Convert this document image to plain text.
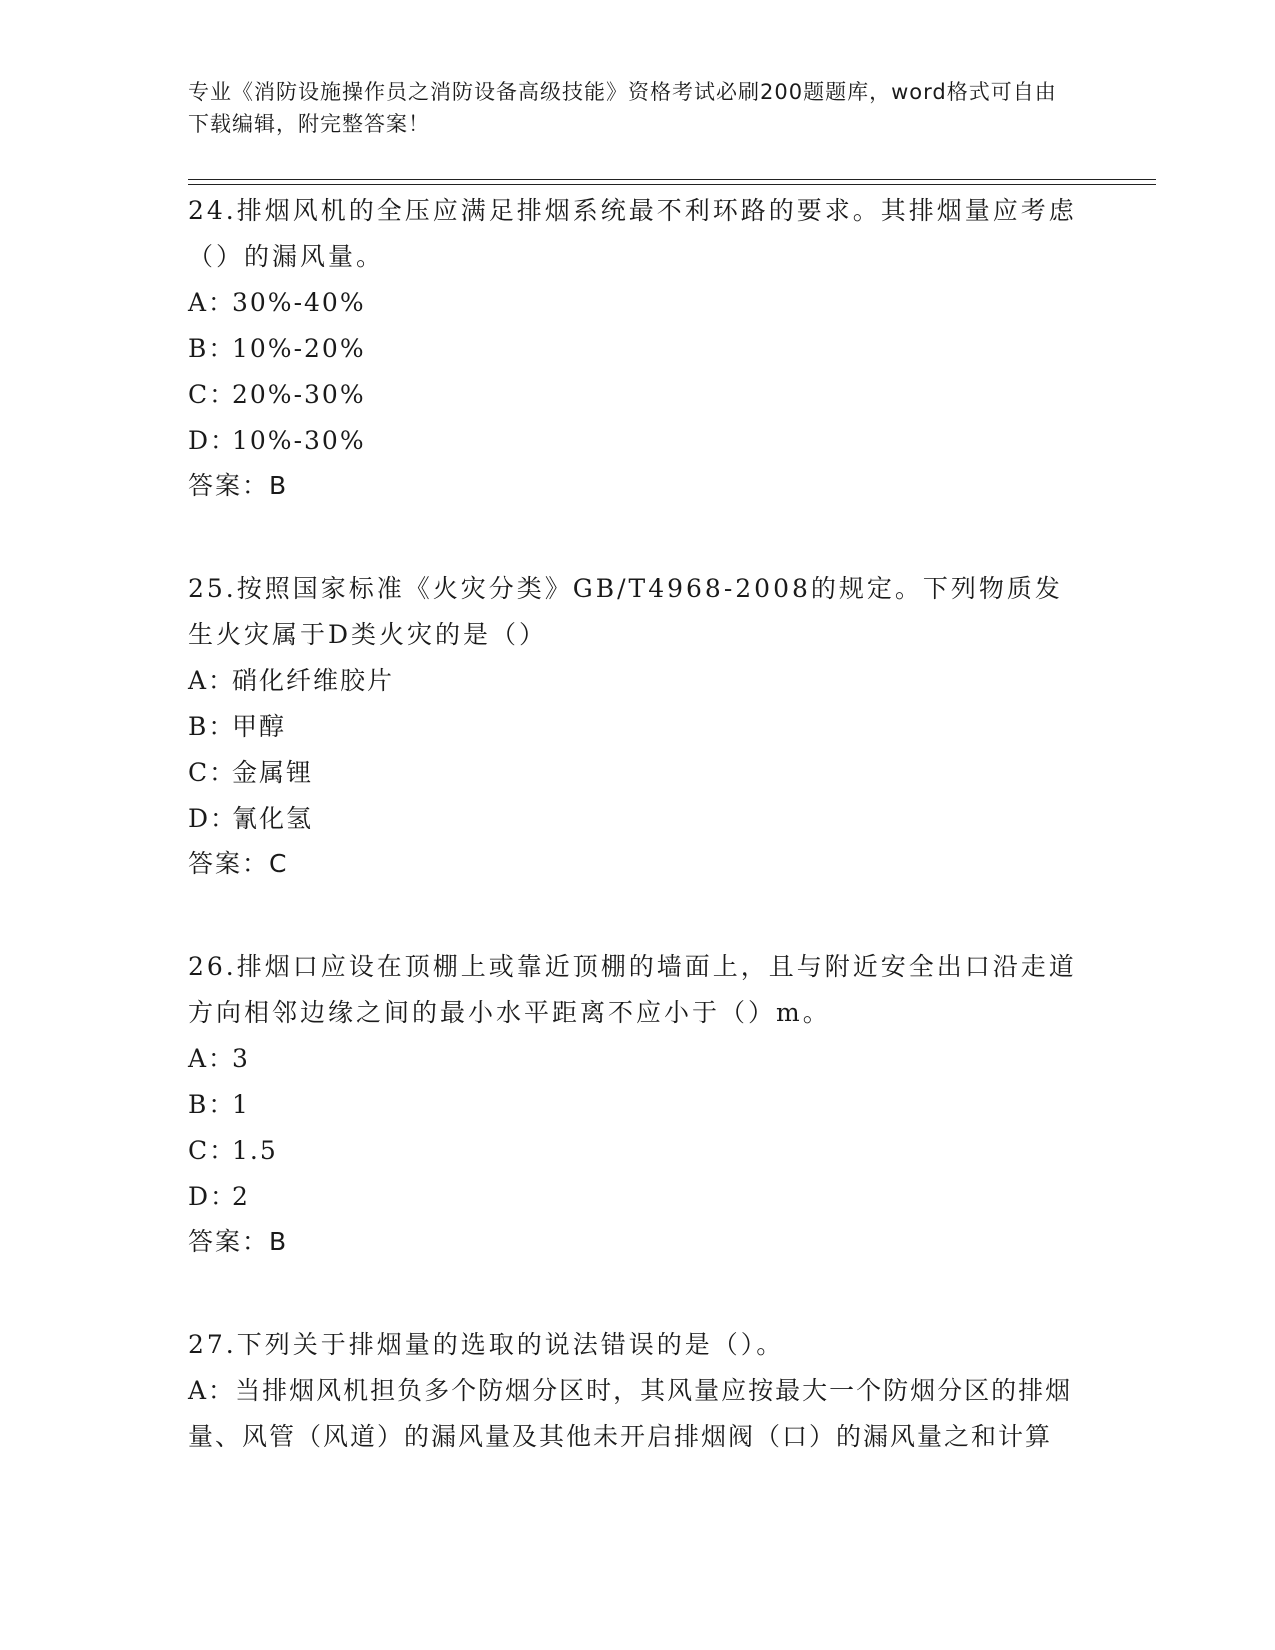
专业《消防设施操作员之消防设备高级技能》资格考试必刷200题题库，word格式可自由下载编辑，附完整答案！

24.排烟风机的全压应满足排烟系统最不利环路的要求。其排烟量应考虑（）的漏风量。

A：30%-40%

B：10%-20%

C：20%-30%

D：10%-30%

答案：B

25.按照国家标准《火灾分类》GB/T4968-2008的规定。下列物质发生火灾属于D类火灾的是（）

A：硝化纤维胶片

B：甲醇

C：金属锂

D：氰化氢

答案：C

26.排烟口应设在顶棚上或靠近顶棚的墙面上，且与附近安全出口沿走道方向相邻边缘之间的最小水平距离不应小于（）m。

A：3

B：1

C：1.5

D：2

答案：B

27.下列关于排烟量的选取的说法错误的是（）。

A：当排烟风机担负多个防烟分区时，其风量应按最大一个防烟分区的排烟量、风管（风道）的漏风量及其他未开启排烟阀（口）的漏风量之和计算
